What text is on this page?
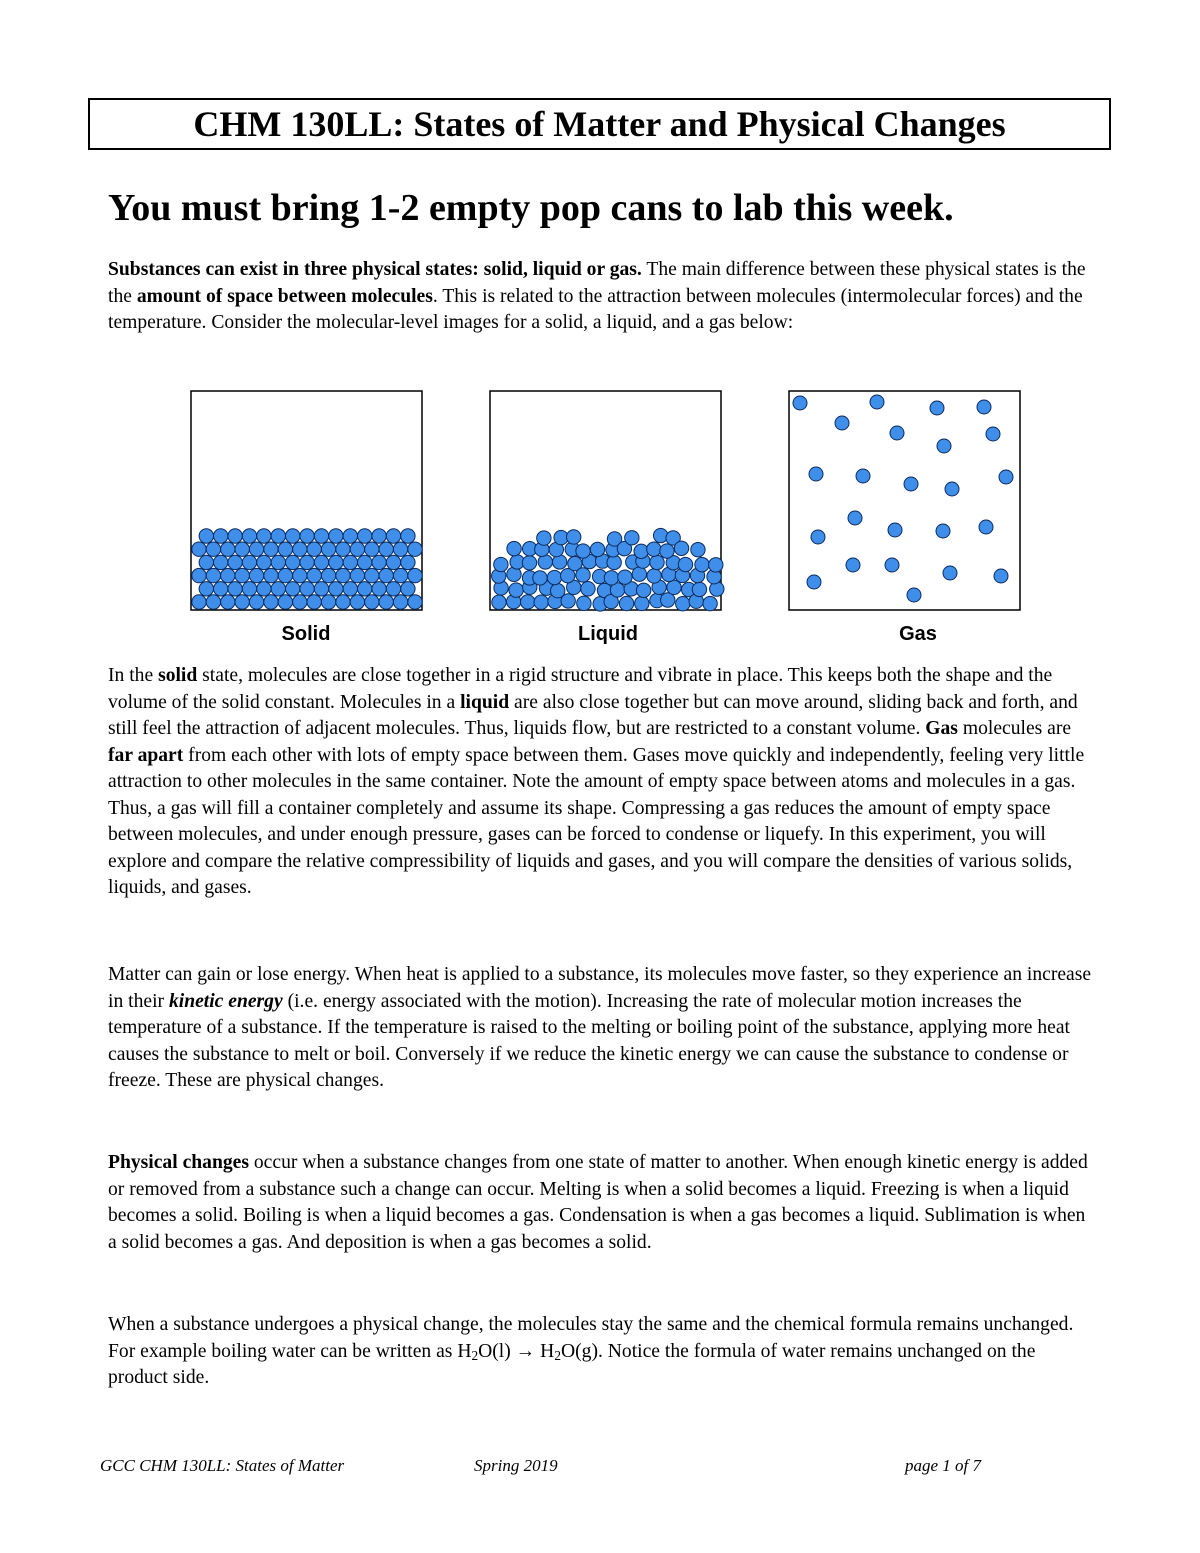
CHM 130LL: States of Matter and Physical Changes

You must bring 1-2 empty pop cans to lab this week.

Substances can exist in three physical states: solid, liquid or gas. The main difference between these physical states is the the amount of space between molecules. This is related to the attraction between molecules (intermolecular forces) and the temperature. Consider the molecular-level images for a solid, a liquid, and a gas below:

Solid	Liquid	Gas

In the solid state, molecules are close together in a rigid structure and vibrate in place. This keeps both the shape and the volume of the solid constant. Molecules in a liquid are also close together but can move around, sliding back and forth, and still feel the attraction of adjacent molecules. Thus, liquids flow, but are restricted to a constant volume. Gas molecules are far apart from each other with lots of empty space between them. Gases move quickly and independently, feeling very little attraction to other molecules in the same container. Note the amount of empty space between atoms and molecules in a gas. Thus, a gas will fill a container completely and assume its shape. Compressing a gas reduces the amount of empty space between molecules, and under enough pressure, gases can be forced to condense or liquefy. In this experiment, you will explore and compare the relative compressibility of liquids and gases, and you will compare the densities of various solids, liquids, and gases.

Matter can gain or lose energy. When heat is applied to a substance, its molecules move faster, so they experience an increase in their kinetic energy (i.e. energy associated with the motion). Increasing the rate of molecular motion increases the temperature of a substance. If the temperature is raised to the melting or boiling point of the substance, applying more heat causes the substance to melt or boil. Conversely if we reduce the kinetic energy we can cause the substance to condense or freeze. These are physical changes.

Physical changes occur when a substance changes from one state of matter to another. When enough kinetic energy is added or removed from a substance such a change can occur. Melting is when a solid becomes a liquid. Freezing is when a liquid becomes a solid. Boiling is when a liquid becomes a gas. Condensation is when a gas becomes a liquid. Sublimation is when a solid becomes a gas. And deposition is when a gas becomes a solid.

When a substance undergoes a physical change, the molecules stay the same and the chemical formula remains unchanged. For example boiling water can be written as $H_2O(l) \to H_2O(g)$. Notice the formula of water remains unchanged on the product side.

GCC CHM 130LL: States of Matter	Spring 2019	page 1 of 7
